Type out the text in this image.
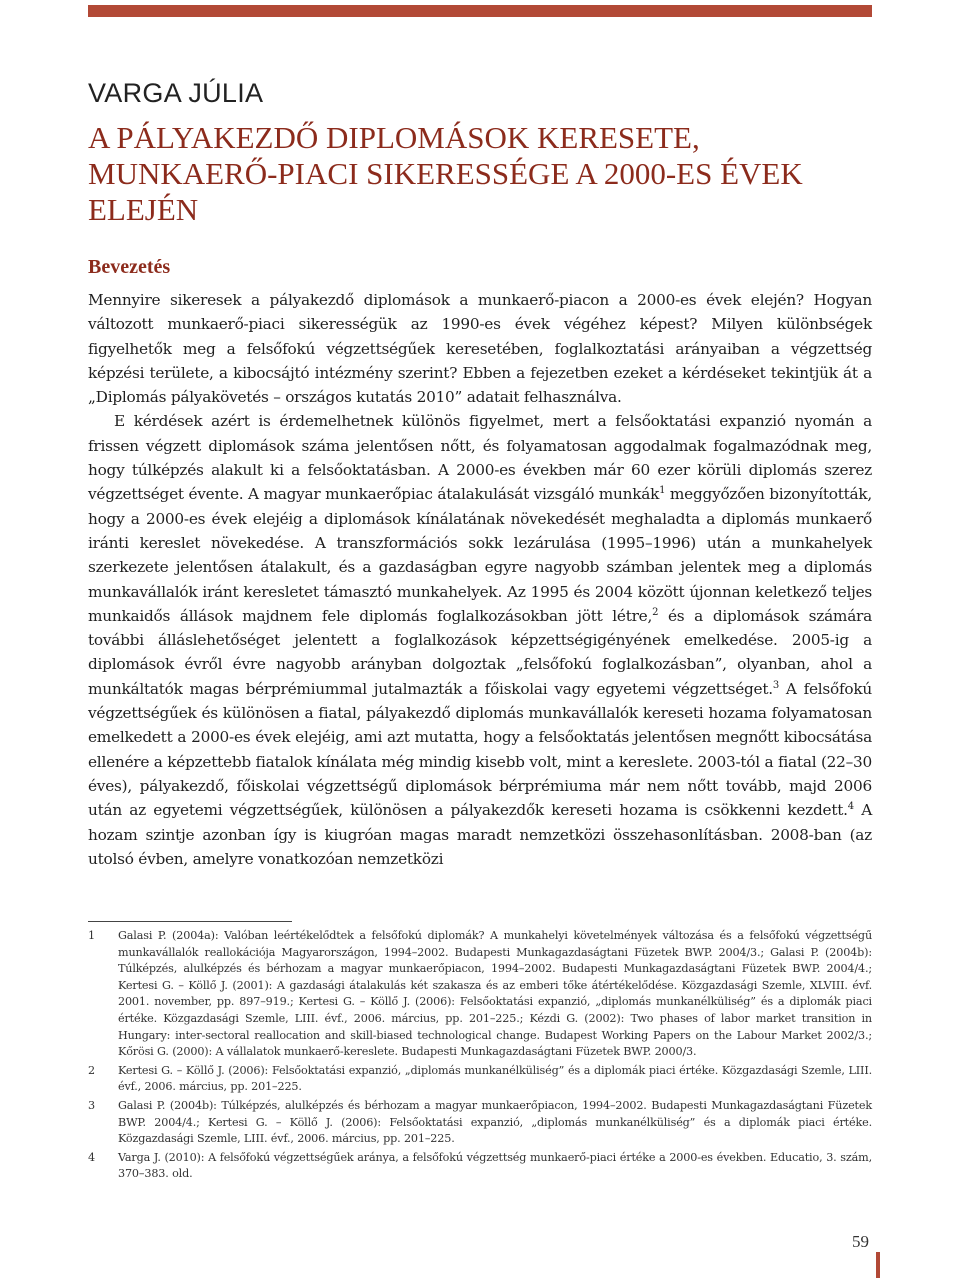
VARGA JÚLIA
A PÁLYAKEZDŐ DIPLOMÁSOK KERESETE, MUNKAERŐ-PIACI SIKERESSÉGE A 2000-ES ÉVEK ELEJÉN
Bevezetés

Mennyire sikeresek a pályakezdő diplomások a munkaerő-piacon a 2000-es évek elején? Hogyan változott munkaerő-piaci sikerességük az 1990-es évek végéhez képest? Milyen különbségek figyelhetők meg a felsőfokú végzettségűek keresetében, foglalkoztatási arányaiban a végzettség képzési területe, a kibocsájtó intézmény szerint? Ebben a fejezetben ezeket a kérdéseket tekintjük át a „Diplomás pályakövetés – országos kutatás 2010” adatait felhasználva.

E kérdések azért is érdemelhetnek különös figyelmet, mert a felsőoktatási expanzió nyomán a frissen végzett diplomások száma jelentősen nőtt, és folyamatosan aggodalmak fogalmazódnak meg, hogy túlképzés alakult ki a felsőoktatásban. A 2000-es években már 60 ezer körüli diplomás szerez végzettséget évente. A magyar munkaerőpiac átalakulását vizsgáló munkák$^1$ meggyőzően bizonyították, hogy a 2000-es évek elejéig a diplomások kínálatának növekedését meghaladta a diplomás munkaerő iránti kereslet növekedése. A transzformációs sokk lezárulása (1995–1996) után a munkahelyek szerkezete jelentősen átalakult, és a gazdaságban egyre nagyobb számban jelentek meg a diplomás munkavállalók iránt keresletet támasztó munkahelyek. Az 1995 és 2004 között újonnan keletkező teljes munkaidős állások majdnem fele diplomás foglalkozásokban jött létre,$^2$ és a diplomások számára további álláslehetőséget jelentett a foglalkozások képzettségigényének emelkedése. 2005-ig a diplomások évről évre nagyobb arányban dolgoztak „felsőfokú foglalkozásban”, olyanban, ahol a munkáltatók magas bérprémiummal jutalmazták a főiskolai vagy egyetemi végzettséget.$^3$ A felsőfokú végzettségűek és különösen a fiatal, pályakezdő diplomás munkavállalók kereseti hozama folyamatosan emelkedett a 2000-es évek elejéig, ami azt mutatta, hogy a felsőoktatás jelentősen megnőtt kibocsátása ellenére a képzettebb fiatalok kínálata még mindig kisebb volt, mint a kereslete. 2003-tól a fiatal (22–30 éves), pályakezdő, főiskolai végzettségű diplomások bérprémiuma már nem nőtt tovább, majd 2006 után az egyetemi végzettségűek, különösen a pályakezdők kereseti hozama is csökkenni kezdett.$^4$ A hozam szintje azonban így is kiugróan magas maradt nemzetközi összehasonlításban. 2008-ban (az utolsó évben, amelyre vonatkozóan nemzetközi

1	Galasi P. (2004a): Valóban leértékelődtek a felsőfokú diplomák? A munkahelyi követelmények változása és a felsőfokú végzettségű munkavállalók reallokációja Magyarországon, 1994–2002. Budapesti Munkagazdaságtani Füzetek BWP. 2004/3.; Galasi P. (2004b): Túlképzés, alulképzés és bérhozam a magyar munkaerőpiacon, 1994–2002. Budapesti Munkagazdaságtani Füzetek BWP. 2004/4.; Kertesi G. – Köllő J. (2001): A gazdasági átalakulás két szakasza és az emberi tőke átértékelődése. Közgazdasági Szemle, XLVIII. évf. 2001. november, pp. 897–919.; Kertesi G. – Köllő J. (2006): Felsőoktatási expanzió, „diplomás munkanélküliség” és a diplomák piaci értéke. Közgazdasági Szemle, LIII. évf., 2006. március, pp. 201–225.; Kézdi G. (2002): Two phases of labor market transition in Hungary: inter-sectoral reallocation and skill-biased technological change. Budapest Working Papers on the Labour Market 2002/3.; Kőrösi G. (2000): A vállalatok munkaerő-kereslete. Budapesti Munkagazdaságtani Füzetek BWP. 2000/3.
2	Kertesi G. – Köllő J. (2006): Felsőoktatási expanzió, „diplomás munkanélküliség” és a diplomák piaci értéke. Közgazdasági Szemle, LIII. évf., 2006. március, pp. 201–225.
3	Galasi P. (2004b): Túlképzés, alulképzés és bérhozam a magyar munkaerőpiacon, 1994–2002. Budapesti Munkagazdaságtani Füzetek BWP. 2004/4.; Kertesi G. – Köllő J. (2006): Felsőoktatási expanzió, „diplomás munkanélküliség” és a diplomák piaci értéke. Közgazdasági Szemle, LIII. évf., 2006. március, pp. 201–225.
4	Varga J. (2010): A felsőfokú végzettségűek aránya, a felsőfokú végzettség munkaerő-piaci értéke a 2000-es években. Educatio, 3. szám, 370–383. old.
59
